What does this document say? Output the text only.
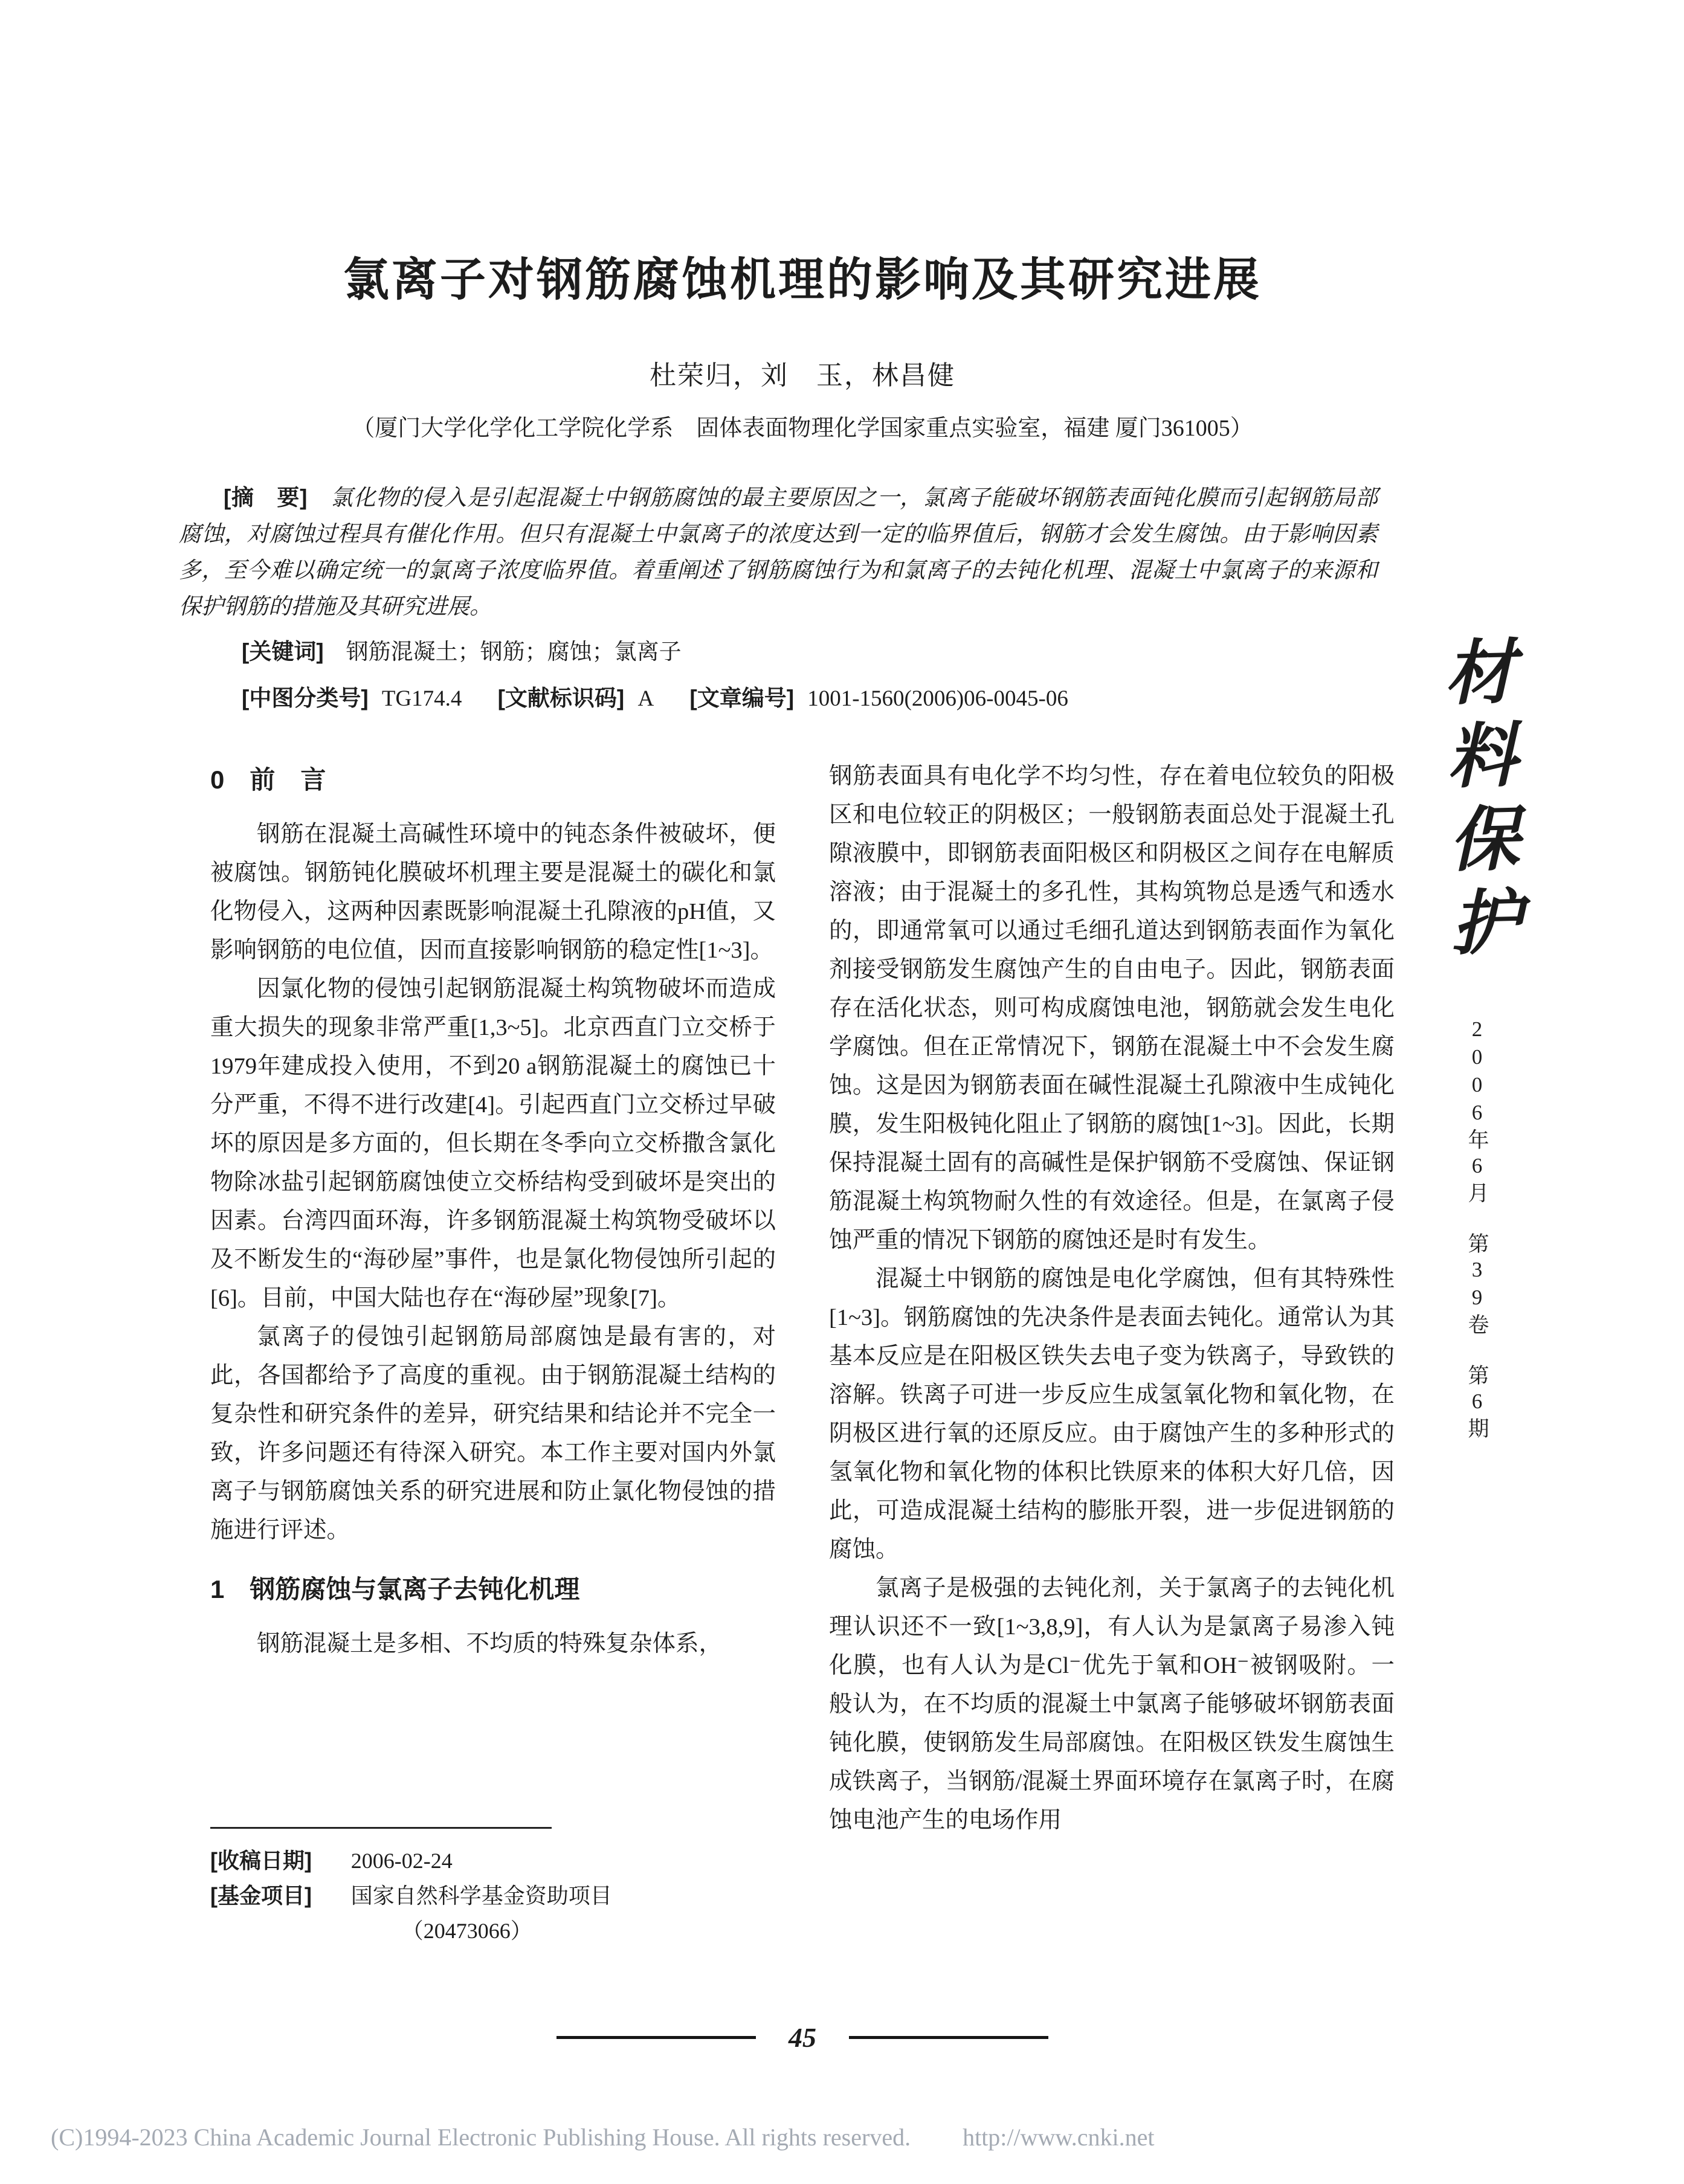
氯离子对钢筋腐蚀机理的影响及其研究进展
杜荣归，刘　玉，林昌健
（厦门大学化学化工学院化学系　固体表面物理化学国家重点实验室，福建 厦门361005）

[摘　要]　 氯化物的侵入是引起混凝土中钢筋腐蚀的最主要原因之一，氯离子能破坏钢筋表面钝化膜而引起钢筋局部腐蚀，对腐蚀过程具有催化作用。但只有混凝土中氯离子的浓度达到一定的临界值后，钢筋才会发生腐蚀。由于影响因素多，至今难以确定统一的氯离子浓度临界值。着重阐述了钢筋腐蚀行为和氯离子的去钝化机理、混凝土中氯离子的来源和保护钢筋的措施及其研究进展。

[关键词] 钢筋混凝土；钢筋；腐蚀；氯离子

[中图分类号] TG174.4 [文献标识码] A [文章编号] 1001-1560(2006)06-0045-06

0　前　言

钢筋在混凝土高碱性环境中的钝态条件被破坏，便被腐蚀。钢筋钝化膜破坏机理主要是混凝土的碳化和氯化物侵入，这两种因素既影响混凝土孔隙液的pH值，又影响钢筋的电位值，因而直接影响钢筋的稳定性[1~3]。

因氯化物的侵蚀引起钢筋混凝土构筑物破坏而造成重大损失的现象非常严重[1,3~5]。北京西直门立交桥于1979年建成投入使用，不到20 a钢筋混凝土的腐蚀已十分严重，不得不进行改建[4]。引起西直门立交桥过早破坏的原因是多方面的，但长期在冬季向立交桥撒含氯化物除冰盐引起钢筋腐蚀使立交桥结构受到破坏是突出的因素。台湾四面环海，许多钢筋混凝土构筑物受破坏以及不断发生的“海砂屋”事件，也是氯化物侵蚀所引起的[6]。目前，中国大陆也存在“海砂屋”现象[7]。

氯离子的侵蚀引起钢筋局部腐蚀是最有害的，对此，各国都给予了高度的重视。由于钢筋混凝土结构的复杂性和研究条件的差异，研究结果和结论并不完全一致，许多问题还有待深入研究。本工作主要对国内外氯离子与钢筋腐蚀关系的研究进展和防止氯化物侵蚀的措施进行评述。

1　钢筋腐蚀与氯离子去钝化机理

钢筋混凝土是多相、不均质的特殊复杂体系，

[收稿日期] 2006-02-24

[基金项目] 国家自然科学基金资助项目

（20473066）

钢筋表面具有电化学不均匀性，存在着电位较负的阳极区和电位较正的阴极区；一般钢筋表面总处于混凝土孔隙液膜中，即钢筋表面阳极区和阴极区之间存在电解质溶液；由于混凝土的多孔性，其构筑物总是透气和透水的，即通常氧可以通过毛细孔道达到钢筋表面作为氧化剂接受钢筋发生腐蚀产生的自由电子。因此，钢筋表面存在活化状态，则可构成腐蚀电池，钢筋就会发生电化学腐蚀。但在正常情况下，钢筋在混凝土中不会发生腐蚀。这是因为钢筋表面在碱性混凝土孔隙液中生成钝化膜，发生阳极钝化阻止了钢筋的腐蚀[1~3]。因此，长期保持混凝土固有的高碱性是保护钢筋不受腐蚀、保证钢筋混凝土构筑物耐久性的有效途径。但是，在氯离子侵蚀严重的情况下钢筋的腐蚀还是时有发生。

混凝土中钢筋的腐蚀是电化学腐蚀，但有其特殊性[1~3]。钢筋腐蚀的先决条件是表面去钝化。通常认为其基本反应是在阳极区铁失去电子变为铁离子，导致铁的溶解。铁离子可进一步反应生成氢氧化物和氧化物，在阴极区进行氧的还原反应。由于腐蚀产生的多种形式的氢氧化物和氧化物的体积比铁原来的体积大好几倍，因此，可造成混凝土结构的膨胀开裂，进一步促进钢筋的腐蚀。

氯离子是极强的去钝化剂，关于氯离子的去钝化机理认识还不一致[1~3,8,9]，有人认为是氯离子易渗入钝化膜，也有人认为是Cl⁻优先于氧和OH⁻被钢吸附。一般认为，在不均质的混凝土中氯离子能够破坏钢筋表面钝化膜，使钢筋发生局部腐蚀。在阳极区铁发生腐蚀生成铁离子，当钢筋/混凝土界面环境存在氯离子时，在腐蚀电池产生的电场作用

材料保护
2006年6月　第39卷　第6期
45
(C)1994-2023 China Academic Journal Electronic Publishing House. All rights reserved. http://www.cnki.net
